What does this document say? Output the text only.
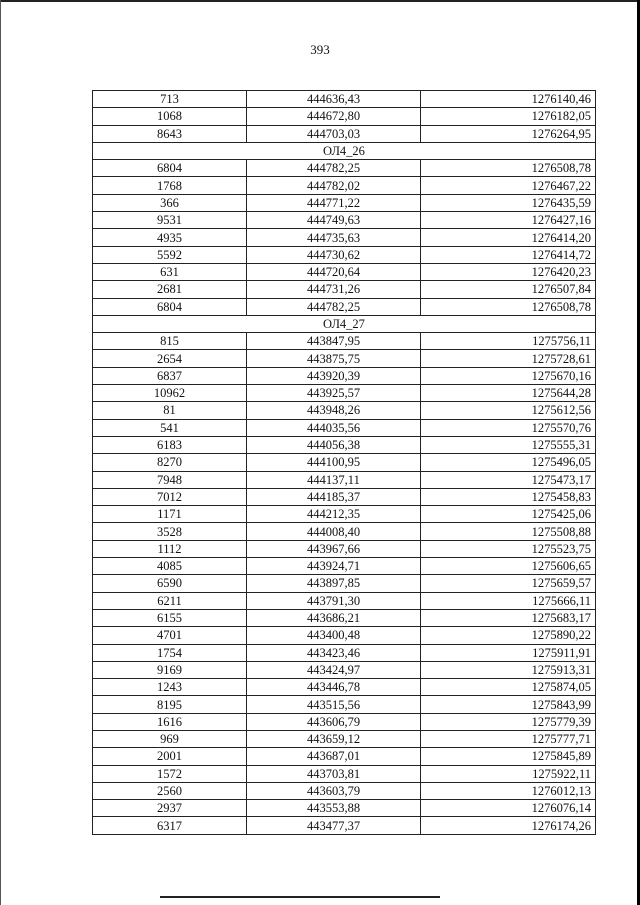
393
713	444636,43	1276140,46
1068	444672,80	1276182,05
8643	444703,03	1276264,95
ОЛ4_26		
6804	444782,25	1276508,78
1768	444782,02	1276467,22
366	444771,22	1276435,59
9531	444749,63	1276427,16
4935	444735,63	1276414,20
5592	444730,62	1276414,72
631	444720,64	1276420,23
2681	444731,26	1276507,84
6804	444782,25	1276508,78
ОЛ4_27		
815	443847,95	1275756,11
2654	443875,75	1275728,61
6837	443920,39	1275670,16
10962	443925,57	1275644,28
81	443948,26	1275612,56
541	444035,56	1275570,76
6183	444056,38	1275555,31
8270	444100,95	1275496,05
7948	444137,11	1275473,17
7012	444185,37	1275458,83
1171	444212,35	1275425,06
3528	444008,40	1275508,88
1112	443967,66	1275523,75
4085	443924,71	1275606,65
6590	443897,85	1275659,57
6211	443791,30	1275666,11
6155	443686,21	1275683,17
4701	443400,48	1275890,22
1754	443423,46	1275911,91
9169	443424,97	1275913,31
1243	443446,78	1275874,05
8195	443515,56	1275843,99
1616	443606,79	1275779,39
969	443659,12	1275777,71
2001	443687,01	1275845,89
1572	443703,81	1275922,11
2560	443603,79	1276012,13
2937	443553,88	1276076,14
6317	443477,37	1276174,26
